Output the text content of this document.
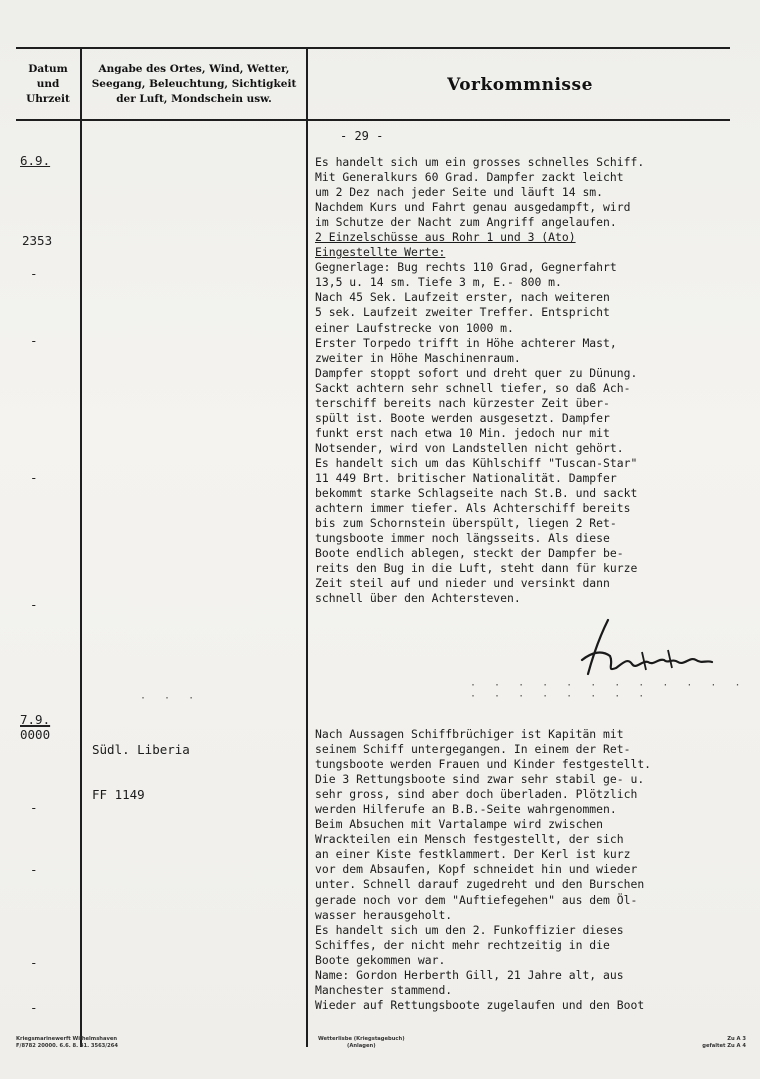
Datum
und
Uhrzeit
Angabe des Ortes, Wind, Wetter,
Seegang, Beleuchtung, Sichtigkeit
der Luft, Mondschein usw.
Vorkommnisse
- 29 -
6.9.
2353
Es handelt sich um ein grosses schnelles Schiff.
Mit Generalkurs 60 Grad. Dampfer zackt leicht
um 2 Dez nach jeder Seite und läuft 14 sm.
Nachdem Kurs und Fahrt genau ausgedampft, wird
im Schutze der Nacht zum Angriff angelaufen.
2 Einzelschüsse aus Rohr 1 und 3 (Ato)
Eingestellte Werte:
Gegnerlage: Bug rechts 110 Grad, Gegnerfahrt
13,5 u. 14 sm. Tiefe 3 m, E.- 800 m.
Nach 45 Sek. Laufzeit erster, nach weiteren
5 sek. Laufzeit zweiter Treffer. Entspricht
einer Laufstrecke von 1000 m.
Erster Torpedo trifft in Höhe achterer Mast,
zweiter in Höhe Maschinenraum.
Dampfer stoppt sofort und dreht quer zu Dünung.
Sackt achtern sehr schnell tiefer, so daß Ach-
terschiff bereits nach kürzester Zeit über-
spült ist. Boote werden ausgesetzt. Dampfer
funkt erst nach etwa 10 Min. jedoch nur mit
Notsender, wird von Landstellen nicht gehört.
Es handelt sich um das Kühlschiff "Tuscan-Star"
11 449 Brt. britischer Nationalität. Dampfer
bekommt starke Schlagseite nach St.B. und sackt
achtern immer tiefer. Als Achterschiff bereits
bis zum Schornstein überspült, liegen 2 Ret-
tungsboote immer noch längsseits. Als diese
Boote endlich ablegen, steckt der Dampfer be-
reits den Bug in die Luft, steht dann für kurze
Zeit steil auf und nieder und versinkt dann
schnell über den Achtersteven.
· · · · · · · · · · · · · · · · · · · ·
· · ·
7.9.
0000

Südl. Liberia

FF 1149

Nach Aussagen Schiffbrüchiger ist Kapitän mit
seinem Schiff untergegangen. In einem der Ret-
tungsboote werden Frauen und Kinder festgestellt.
Die 3 Rettungsboote sind zwar sehr stabil ge- u.
sehr gross, sind aber doch überladen. Plötzlich
werden Hilferufe an B.B.-Seite wahrgenommen.
Beim Absuchen mit Vartalampe wird zwischen
Wrackteilen ein Mensch festgestellt, der sich
an einer Kiste festklammert. Der Kerl ist kurz
vor dem Absaufen, Kopf schneidet hin und wieder
unter. Schnell darauf zugedreht und den Burschen
gerade noch vor dem "Auftiefegehen" aus dem Öl-
wasser herausgeholt.
Es handelt sich um den 2. Funkoffizier dieses
Schiffes, der nicht mehr rechtzeitig in die
Boote gekommen war.
Name: Gordon Herberth Gill, 21 Jahre alt, aus
Manchester stammend.
Wieder auf Rettungsboote zugelaufen und den Boot
-
-
-
-
-
-
-
-
Kriegsmarinewerft Wilhelmshaven
F/8782 20000. 6.6. 8. 41. 3563/264
Wetterlisbe (Kriegstagebuch)
(Anlagen)
Zu A 3
gefaltet Zu A 4
